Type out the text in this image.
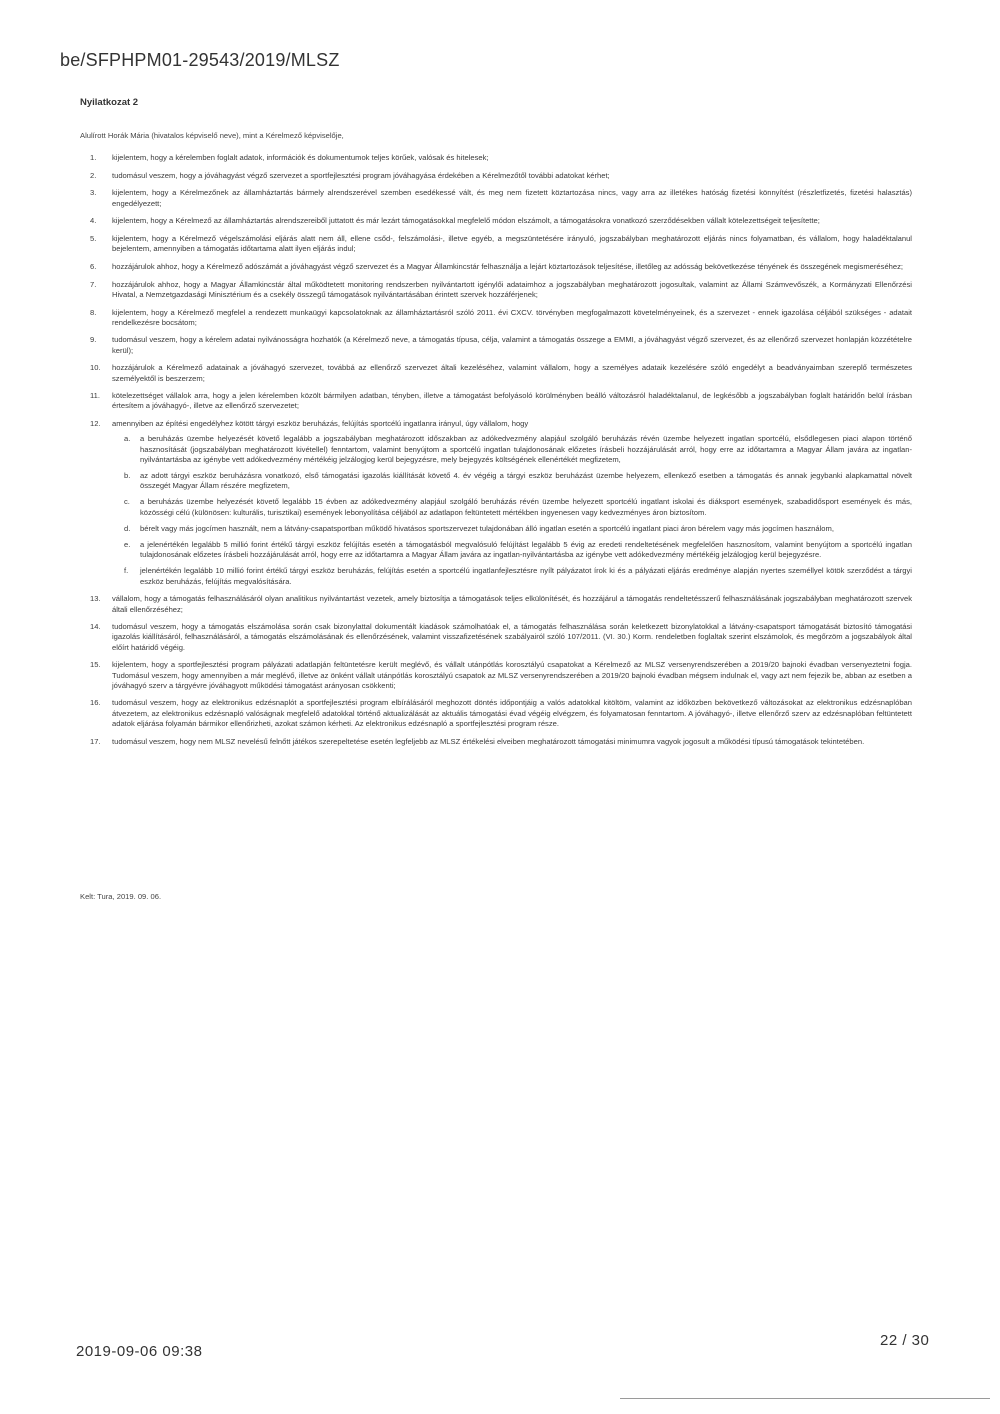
be/SFPHPM01-29543/2019/MLSZ
Nyilatkozat 2
Alulírott Horák Mária (hivatalos képviselő neve), mint a Kérelmező képviselője,
1.	kijelentem, hogy a kérelemben foglalt adatok, információk és dokumentumok teljes körűek, valósak és hitelesek;
2.	tudomásul veszem, hogy a jóváhagyást végző szervezet a sportfejlesztési program jóváhagyása érdekében a Kérelmezőtől további adatokat kérhet;
3.	kijelentem, hogy a Kérelmezőnek az államháztartás bármely alrendszerével szemben esedékessé vált, és meg nem fizetett köztartozása nincs, vagy arra az illetékes hatóság fizetési könnyítést (részletfizetés, fizetési halasztás) engedélyezett;
4.	kijelentem, hogy a Kérelmező az államháztartás alrendszereiből juttatott és már lezárt támogatásokkal megfelelő módon elszámolt, a támogatásokra vonatkozó szerződésekben vállalt kötelezettségeit teljesítette;
5.	kijelentem, hogy a Kérelmező végelszámolási eljárás alatt nem áll, ellene csőd-, felszámolási-, illetve egyéb, a megszüntetésére irányuló, jogszabályban meghatározott eljárás nincs folyamatban, és vállalom, hogy haladéktalanul bejelentem, amennyiben a támogatás időtartama alatt ilyen eljárás indul;
6.	hozzájárulok ahhoz, hogy a Kérelmező adószámát a jóváhagyást végző szervezet és a Magyar Államkincstár felhasználja a lejárt köztartozások teljesítése, illetőleg az adósság bekövetkezése tényének és összegének megismeréséhez;
7.	hozzájárulok ahhoz, hogy a Magyar Államkincstár által működtetett monitoring rendszerben nyilvántartott igénylői adataimhoz a jogszabályban meghatározott jogosultak, valamint az Állami Számvevőszék, a Kormányzati Ellenőrzési Hivatal, a Nemzetgazdasági Minisztérium és a csekély összegű támogatások nyilvántartásában érintett szervek hozzáférjenek;
8.	kijelentem, hogy a Kérelmező megfelel a rendezett munkaügyi kapcsolatoknak az államháztartásról szóló 2011. évi CXCV. törvényben megfogalmazott követelményeinek, és a szervezet - ennek igazolása céljából szükséges - adatait rendelkezésre bocsátom;
9.	tudomásul veszem, hogy a kérelem adatai nyilvánosságra hozhatók (a Kérelmező neve, a támogatás típusa, célja, valamint a támogatás összege a EMMI, a jóváhagyást végző szervezet, és az ellenőrző szervezet honlapján közzétételre kerül);
10.	hozzájárulok a Kérelmező adatainak a jóváhagyó szervezet, továbbá az ellenőrző szervezet általi kezeléséhez, valamint vállalom, hogy a személyes adataik kezelésére szóló engedélyt a beadványaimban szereplő természetes személyektől is beszerzem;
11.	kötelezettséget vállalok arra, hogy a jelen kérelemben közölt bármilyen adatban, tényben, illetve a támogatást befolyásoló körülményben beálló változásról haladéktalanul, de legkésőbb a jogszabályban foglalt határidőn belül írásban értesítem a jóváhagyó-, illetve az ellenőrző szervezetet;
12.	amennyiben az építési engedélyhez kötött tárgyi eszköz beruházás, felújítás sportcélú ingatlanra irányul, úgy vállalom, hogy
a. a beruházás üzembe helyezését követő legalább a jogszabályban meghatározott időszakban az adókedvezmény alapjául szolgáló beruházás révén üzembe helyezett ingatlan sportcélú, elsődlegesen piaci alapon történő hasznosítását (jogszabályban meghatározott kivétellel) fenntartom, valamint benyújtom a sportcélú ingatlan tulajdonosának előzetes írásbeli hozzájárulását arról, hogy erre az időtartamra a Magyar Állam javára az ingatlan-nyilvántartásba az igénybe vett adókedvezmény mértékéig jelzálogjog kerül bejegyzésre, mely bejegyzés költségének ellenértékét megfizetem,
b. az adott tárgyi eszköz beruházásra vonatkozó, első támogatási igazolás kiállítását követő 4. év végéig a tárgyi eszköz beruházást üzembe helyezem, ellenkező esetben a támogatás és annak jegybanki alapkamattal növelt összegét Magyar Állam részére megfizetem,
c. a beruházás üzembe helyezését követő legalább 15 évben az adókedvezmény alapjául szolgáló beruházás révén üzembe helyezett sportcélú ingatlant iskolai és diáksport események, szabadidősport események és más, közösségi célú (különösen: kulturális, turisztikai) események lebonyolítása céljából az adatlapon feltüntetett mértékben ingyenesen vagy kedvezményes áron biztosítom.
d. bérelt vagy más jogcímen használt, nem a látvány-csapatsportban működő hivatásos sportszervezet tulajdonában álló ingatlan esetén a sportcélú ingatlant piaci áron bérelem vagy más jogcímen használom,
e. a jelenértékén legalább 5 millió forint értékű tárgyi eszköz felújítás esetén a támogatásból megvalósuló felújítást legalább 5 évig az eredeti rendeltetésének megfelelően hasznosítom, valamint benyújtom a sportcélú ingatlan tulajdonosának előzetes írásbeli hozzájárulását arról, hogy erre az időtartamra a Magyar Állam javára az ingatlan-nyilvántartásba az igénybe vett adókedvezmény mértékéig jelzálogjog kerül bejegyzésre.
f. jelenértékén legalább 10 millió forint értékű tárgyi eszköz beruházás, felújítás esetén a sportcélú ingatlanfejlesztésre nyílt pályázatot írok ki és a pályázati eljárás eredménye alapján nyertes személlyel kötök szerződést a tárgyi eszköz beruházás, felújítás megvalósítására.
13.	vállalom, hogy a támogatás felhasználásáról olyan analitikus nyilvántartást vezetek, amely biztosítja a támogatások teljes elkülönítését, és hozzájárul a támogatás rendeltetésszerű felhasználásának jogszabályban meghatározott szervek általi ellenőrzéséhez;
14.	tudomásul veszem, hogy a támogatás elszámolása során csak bizonylattal dokumentált kiadások számolhatóak el, a támogatás felhasználása során keletkezett bizonylatokkal a látvány-csapatsport támogatását biztosító támogatási igazolás kiállításáról, felhasználásáról, a támogatás elszámolásának és ellenőrzésének, valamint visszafizetésének szabályairól szóló 107/2011. (VI. 30.) Korm. rendeletben foglaltak szerint elszámolok, és megőrzöm a jogszabályok által előírt határidő végéig.
15.	kijelentem, hogy a sportfejlesztési program pályázati adatlapján feltüntetésre került meglévő, és vállalt utánpótlás korosztályú csapatokat a Kérelmező az MLSZ versenyrendszerében a 2019/20 bajnoki évadban versenyeztetni fogja. Tudomásul veszem, hogy amennyiben a már meglévő, illetve az önként vállalt utánpótlás korosztályú csapatok az MLSZ versenyrendszerében a 2019/20 bajnoki évadban mégsem indulnak el, vagy azt nem fejezik be, abban az esetben a jóváhagyó szerv a tárgyévre jóváhagyott működési támogatást arányosan csökkenti;
16.	tudomásul veszem, hogy az elektronikus edzésnaplót a sportfejlesztési program elbírálásáról meghozott döntés időpontjáig a valós adatokkal kitöltöm, valamint az időközben bekövetkező változásokat az elektronikus edzésnaplóban átvezetem, az elektronikus edzésnapló valóságnak megfelelő adatokkal történő aktualizálását az aktuális támogatási évad végéig elvégzem, és folyamatosan fenntartom. A jóváhagyó-, illetve ellenőrző szerv az edzésnaplóban feltüntetett adatok eljárása folyamán bármikor ellenőrizheti, azokat számon kérheti. Az elektronikus edzésnapló a sportfejlesztési program része.
17.	tudomásul veszem, hogy nem MLSZ nevelésű felnőtt játékos szerepeltetése esetén legfeljebb az MLSZ értékelési elveiben meghatározott támogatási minimumra vagyok jogosult a működési típusú támogatások tekintetében.
Kelt: Tura, 2019. 09. 06.
2019-09-06 09:38
22 / 30
